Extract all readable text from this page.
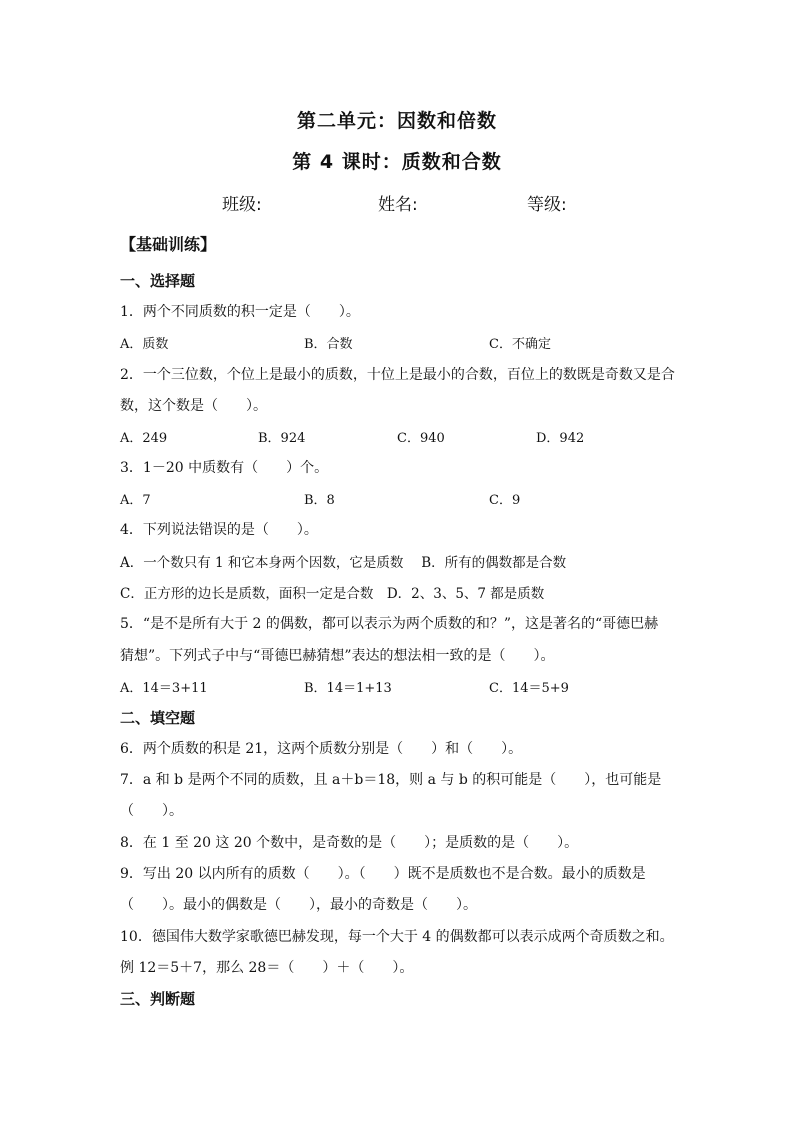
第二单元：因数和倍数
第 4 课时：质数和合数
班级:	姓名:	等级:
【基础训练】
一、选择题
1．两个不同质数的积一定是（　　）。
A．质数	B．合数	C．不确定
2．一个三位数，个位上是最小的质数，十位上是最小的合数，百位上的数既是奇数又是合
数，这个数是（　　）。
A．249	B．924	C．940	D．942
3．1－20 中质数有（　　）个。
A．7	B．8	C．9
4．下列说法错误的是（　　）。
A．一个数只有 1 和它本身两个因数，它是质数　 B．所有的偶数都是合数
C．正方形的边长是质数，面积一定是合数　D．2、3、5、7 都是质数
5．“是不是所有大于 2 的偶数，都可以表示为两个质数的和？”，这是著名的“哥德巴赫
猜想”。下列式子中与“哥德巴赫猜想”表达的想法相一致的是（　　）。
A．14＝3+11	B．14＝1+13	C．14＝5+9
二、填空题
6．两个质数的积是 21，这两个质数分别是（　　）和（　　）。
7．a 和 b 是两个不同的质数，且 a＋b＝18，则 a 与 b 的积可能是（　　），也可能是
（　　）。
8．在 1 至 20 这 20 个数中，是奇数的是（　　）；是质数的是（　　）。
9．写出 20 以内所有的质数（　　）。（　　）既不是质数也不是合数。最小的质数是
（　　）。最小的偶数是（　　），最小的奇数是（　　）。
10．德国伟大数学家歌德巴赫发现，每一个大于 4 的偶数都可以表示成两个奇质数之和。
例 12＝5＋7，那么 28＝（　　）＋（　　）。
三、判断题
